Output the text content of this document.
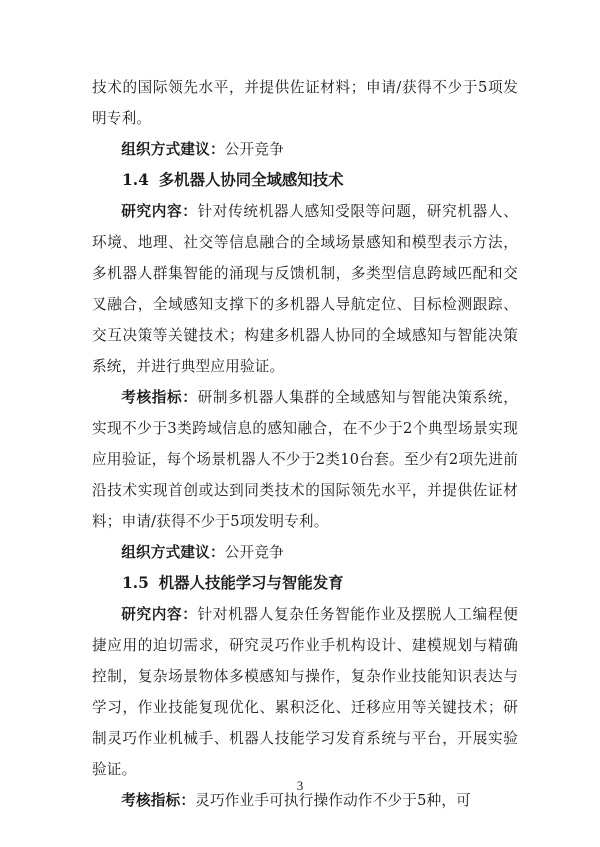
技术的国际领先水平，并提供佐证材料；申请/获得不少于5项发明专利。

组织方式建议：公开竞争

1.4 多机器人协同全域感知技术

研究内容：针对传统机器人感知受限等问题，研究机器人、环境、地理、社交等信息融合的全域场景感知和模型表示方法，多机器人群集智能的涌现与反馈机制，多类型信息跨域匹配和交叉融合，全域感知支撑下的多机器人导航定位、目标检测跟踪、交互决策等关键技术；构建多机器人协同的全域感知与智能决策系统，并进行典型应用验证。

考核指标：研制多机器人集群的全域感知与智能决策系统，实现不少于3类跨域信息的感知融合，在不少于2个典型场景实现应用验证，每个场景机器人不少于2类10台套。至少有2项先进前沿技术实现首创或达到同类技术的国际领先水平，并提供佐证材料；申请/获得不少于5项发明专利。

组织方式建议：公开竞争

1.5 机器人技能学习与智能发育

研究内容：针对机器人复杂任务智能作业及摆脱人工编程便捷应用的迫切需求，研究灵巧作业手机构设计、建模规划与精确控制，复杂场景物体多模感知与操作，复杂作业技能知识表达与学习，作业技能复现优化、累积泛化、迁移应用等关键技术；研制灵巧作业机械手、机器人技能学习发育系统与平台，开展实验验证。

考核指标：灵巧作业手可执行操作动作不少于5种，可

3
